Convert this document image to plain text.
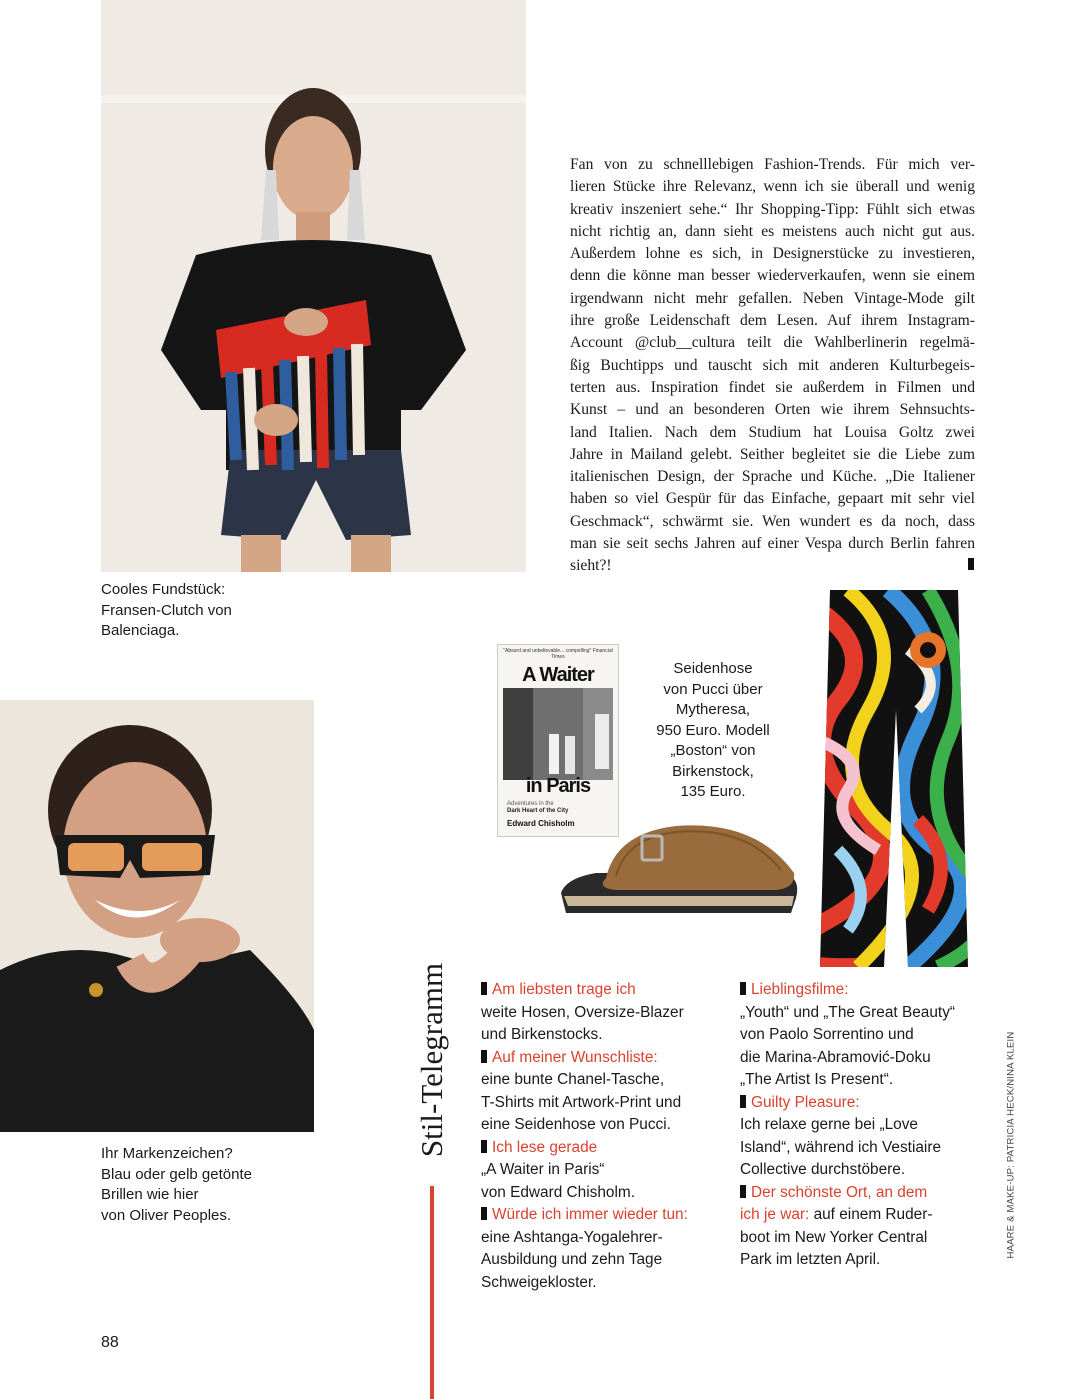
Fan von zu schnelllebigen Fashion-Trends. Für mich ver-
lieren Stücke ihre Relevanz, wenn ich sie überall und wenig
kreativ inszeniert sehe.“ Ihr Shopping-Tipp: Fühlt sich etwas
nicht richtig an, dann sieht es meistens auch nicht gut aus.
Außerdem lohne es sich, in Designerstücke zu investieren,
denn die könne man besser wiederverkaufen, wenn sie einem
irgendwann nicht mehr gefallen. Neben Vintage-Mode gilt
ihre große Leidenschaft dem Lesen. Auf ihrem Instagram-
Account @club__cultura teilt die Wahlberlinerin regelmä-
ßig Buchtipps und tauscht sich mit anderen Kulturbegeis-
terten aus. Inspiration findet sie außerdem in Filmen und
Kunst – und an besonderen Orten wie ihrem Sehnsuchts-
land Italien. Nach dem Studium hat Louisa Goltz zwei
Jahre in Mailand gelebt. Seither begleitet sie die Liebe zum
italienischen Design, der Sprache und Küche. „Die Italiener
haben so viel Gespür für das Einfache, gepaart mit sehr viel
Geschmack“, schwärmt sie. Wen wundert es da noch, dass
man sie seit sechs Jahren auf einer Vespa durch Berlin fahren
sieht?!
Cooles Fundstück:
Fransen-Clutch von
Balenciaga.
"Absurd and unbelievable... compelling" Financial Times
A Waiter
in Paris
Adventures in the
Dark Heart of the City
Edward Chisholm
Seidenhose
von Pucci über
Mytheresa,
950 Euro. Modell
„Boston“ von
Birkenstock,
135 Euro.
Ihr Markenzeichen?
Blau oder gelb getönte
Brillen wie hier
von Oliver Peoples.
Stil-Telegramm	Am liebsten trage ich
weite Hosen, Oversize-Blazer
und Birkenstocks.
Auf meiner Wunschliste:
eine bunte Chanel-Tasche,
T-Shirts mit Artwork-Print und
eine Seidenhose von Pucci.
Ich lese gerade
„A Waiter in Paris“
von Edward Chisholm.
Würde ich immer wieder tun:
eine Ashtanga-Yogalehrer-
Ausbildung und zehn Tage
Schweigekloster.
Lieblingsfilme:
„Youth“ und „The Great Beauty“
von Paolo Sorrentino und
die Marina-Abramović-Doku
„The Artist Is Present“.
Guilty Pleasure:
Ich relaxe gerne bei „Love
Island“, während ich Vestiaire
Collective durchstöbere.
Der schönste Ort, an dem
ich je war: auf einem Ruder-
boot im New Yorker Central
Park im letzten April.
HAARE & MAKE-UP: PATRICIA HECK/NINA KLEIN
88
